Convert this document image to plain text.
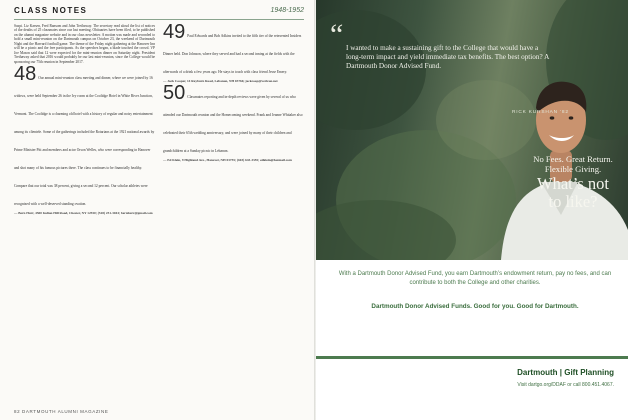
CLASS NOTES	1948-1952
Suspi. Liz Karsen, Fred Ransom and John Trethaway. The secretary read aloud the list of notices of the deaths of 25 classmates since our last meeting. Obituaries have been filed, to be published on the alumni magazine website and in our class newsletter. A motion was made and seconded to hold a small mini-reunion on the Dartmouth campus on October 23, the weekend of Dartmouth Night and the Harvard football game. The theme of the Friday night gathering at the Hanover Inn will be a picnic and the free participants. As the speeches began, a blade touched the crowd. VP Joe Mason said that 12 were expected for the mini-reunion dinner on Saturday night. President Trethaway asked that 2016 would probably be our last mini-reunion, since the College would be sponsoring our 75th reunion in September 2017.
48 Our annual mini-reunion class meeting and dinner, where we were joined by 16 widows, were held September 26 in the Ivy room at the Coolidge Hotel in White River Junction, Vermont. The Coolidge is a charming old hotel with a history of regular and noisy entertainment among its clientele. Some of the gatherings included the Rotarians at the 1921 national awards by Prime Minister Pitt and members and actor Orson Welles, who were corresponding in Hanover and shot many of his famous pictures there. The class continues to be financially healthy. Compare that our total was 38 percent, giving a second 12 percent. Our scholar athletes were recognized with a well-deserved standing ovation.
— Bern Hurr, 4500 Indian Hill Road, Chester, NY 12550; (518) 251-3044; bernhurr@gmail.com
49 Paul Edwards and Bob Adkins invited to the fifth tier of the reinvented Insiders Dinner held. Don Johnson, where they served and had a second inning at the fields with the afterwards of a drink a few years ago. He stays in touch with class friend Jesse Emery.
— Jack Cooper, 14 Rayburn Road, Lebanon, NH 03766; jackcoop@verizon.net
50 Classmates reporting and in-depth reviews were given by several of us who attended our Dartmouth reunion and the Homecoming weekend. Frank and Jeanne Whitaker also celebrated their 65th wedding anniversary, and were joined by many of their children and grandchildren at a Sunday picnic in Lebanon.
— Ed Klein, 9 Highland Ave., Hanover, NH 03755; (603) 643-3355; edklein@hotmail.com
82 DARTMOUTH ALUMNI MAGAZINE
“ I wanted to make a sustaining gift to the College that would have a long-term impact and yield immediate tax benefits. The best option? A Dartmouth Donor Advised Fund.
RICK KURSHAN ’82
No Fees. Great Return.
Flexible Giving.
What’s not
to like?
With a Dartmouth Donor Advised Fund, you earn Dartmouth’s endowment return, pay no fees, and can contribute to both the College and other charities.
Dartmouth Donor Advised Funds. Good for you. Good for Dartmouth.
Dartmouth | Gift Planning
Visit dartgo.org/DDAF or call 800.451.4067.
